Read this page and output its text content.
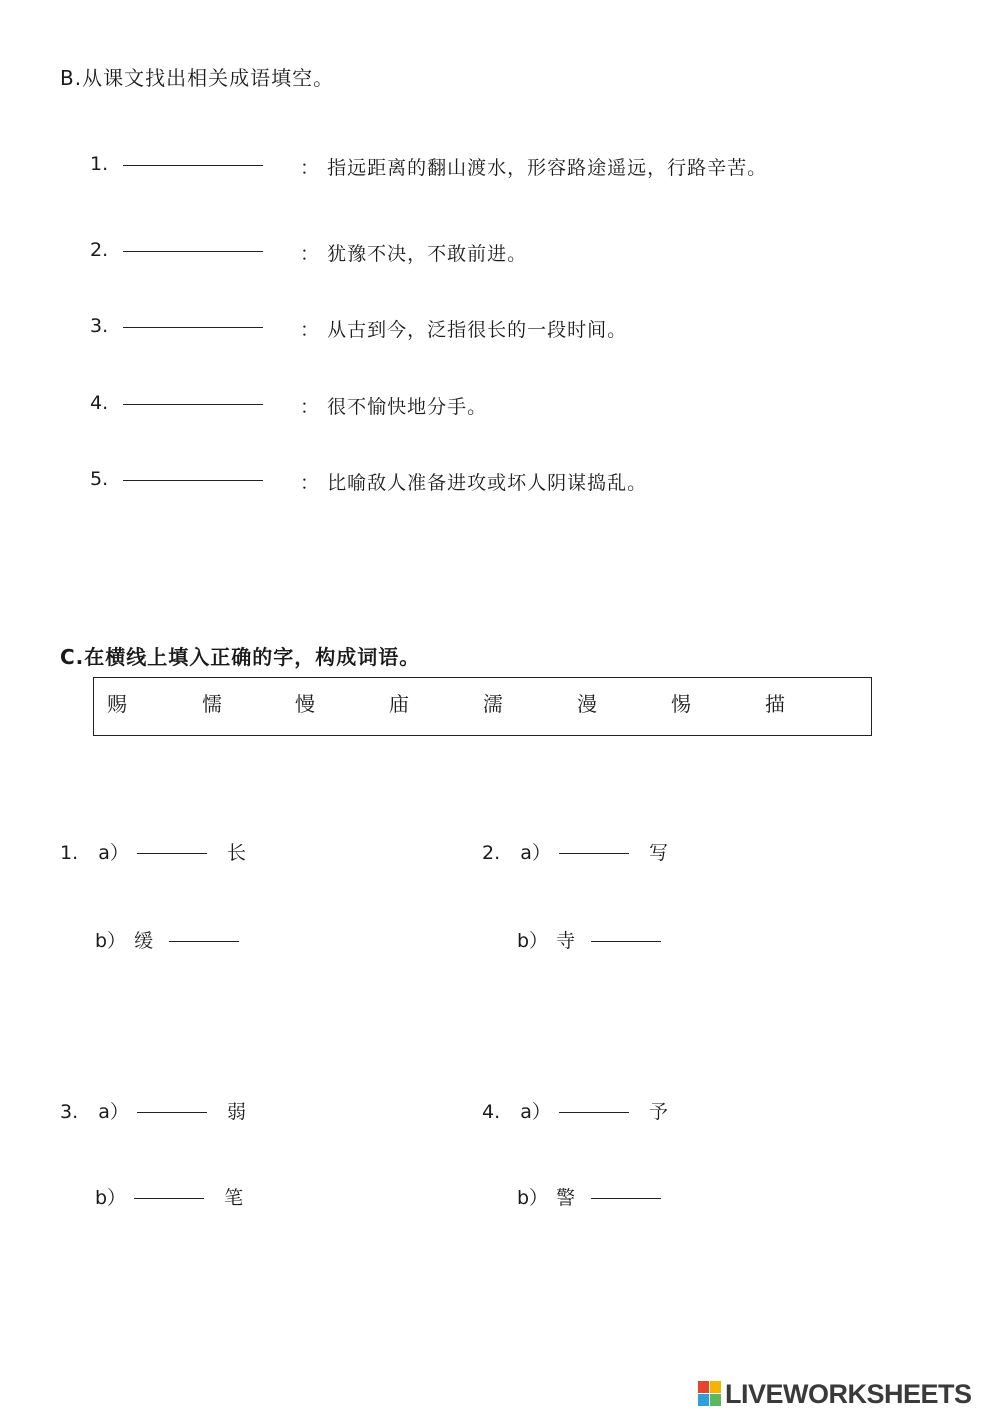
B.从课文找出相关成语填空。
1.	： 指远距离的翻山渡水，形容路途遥远，行路辛苦。
2.	： 犹豫不决，不敢前进。
3.	： 从古到今，泛指很长的一段时间。
4.	： 很不愉快地分手。
5.	： 比喻敌人准备进攻或坏人阴谋捣乱。
C.在横线上填入正确的字，构成词语。
赐	懦	慢	庙	濡	漫	惕	描
1. a）	长
b） 缓
2. a）	写
b） 寺
3. a）	弱
b）	笔
4. a）	予
b） 警
LIVEWORKSHEETS
